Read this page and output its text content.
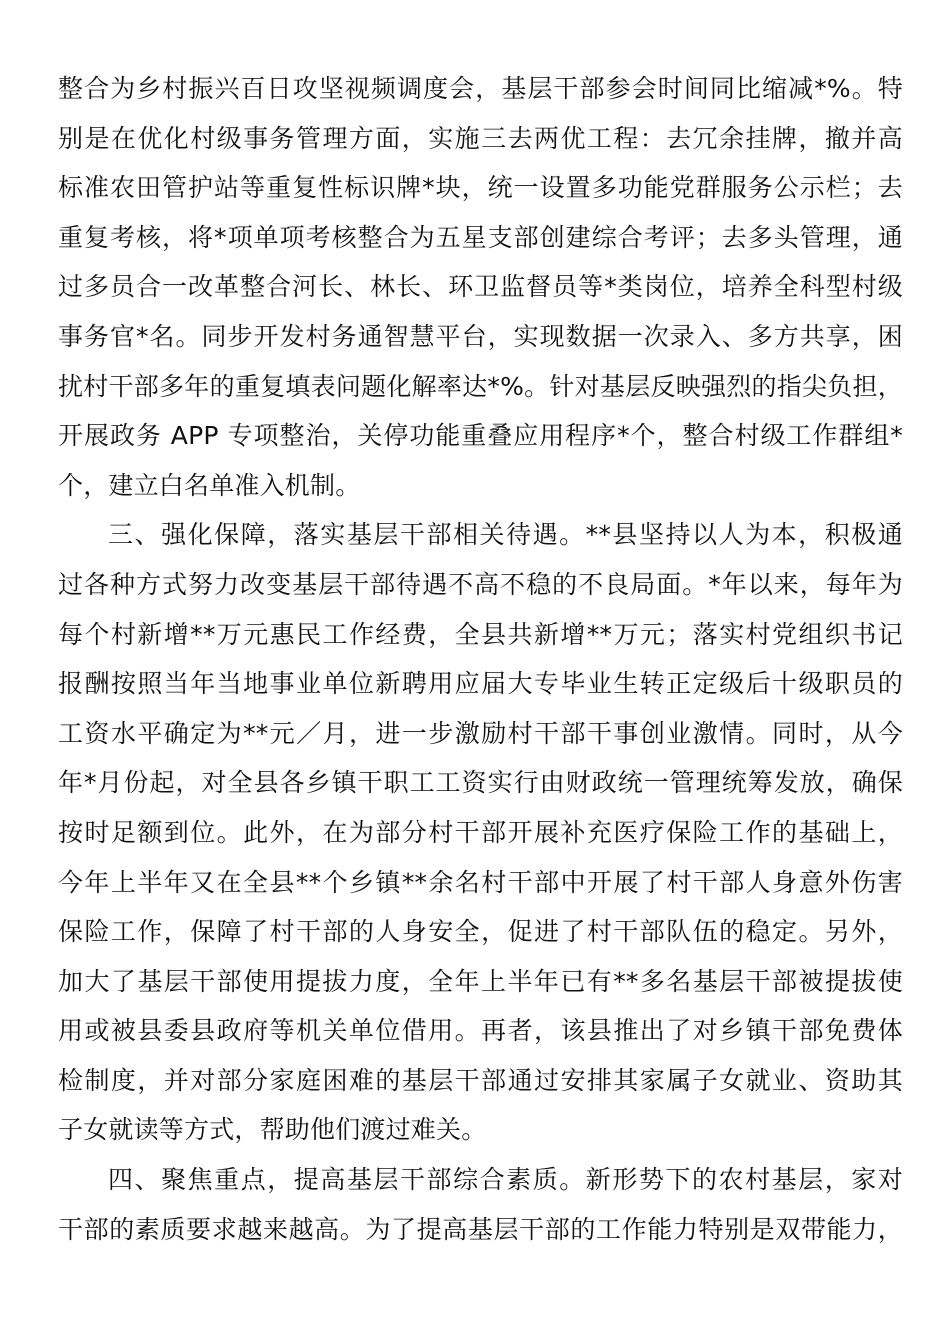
整合为乡村振兴百日攻坚视频调度会，基层干部参会时间同比缩减*%。特
别是在优化村级事务管理方面，实施三去两优工程：去冗余挂牌，撤并高
标准农田管护站等重复性标识牌*块，统一设置多功能党群服务公示栏；去
重复考核，将*项单项考核整合为五星支部创建综合考评；去多头管理，通
过多员合一改革整合河长、林长、环卫监督员等*类岗位，培养全科型村级
事务官*名。同步开发村务通智慧平台，实现数据一次录入、多方共享，困
扰村干部多年的重复填表问题化解率达*%。针对基层反映强烈的指尖负担，
开展政务 APP 专项整治，关停功能重叠应用程序*个，整合村级工作群组*
个，建立白名单准入机制。
三、强化保障，落实基层干部相关待遇。**县坚持以人为本，积极通
过各种方式努力改变基层干部待遇不高不稳的不良局面。*年以来，每年为
每个村新增**万元惠民工作经费，全县共新增**万元；落实村党组织书记
报酬按照当年当地事业单位新聘用应届大专毕业生转正定级后十级职员的
工资水平确定为**元／月，进一步激励村干部干事创业激情。同时，从今
年*月份起，对全县各乡镇干职工工资实行由财政统一管理统筹发放，确保
按时足额到位。此外，在为部分村干部开展补充医疗保险工作的基础上，
今年上半年又在全县**个乡镇**余名村干部中开展了村干部人身意外伤害
保险工作，保障了村干部的人身安全，促进了村干部队伍的稳定。另外，
加大了基层干部使用提拔力度，全年上半年已有**多名基层干部被提拔使
用或被县委县政府等机关单位借用。再者，该县推出了对乡镇干部免费体
检制度，并对部分家庭困难的基层干部通过安排其家属子女就业、资助其
子女就读等方式，帮助他们渡过难关。
四、聚焦重点，提高基层干部综合素质。新形势下的农村基层，家对
干部的素质要求越来越高。为了提高基层干部的工作能力特别是双带能力，
